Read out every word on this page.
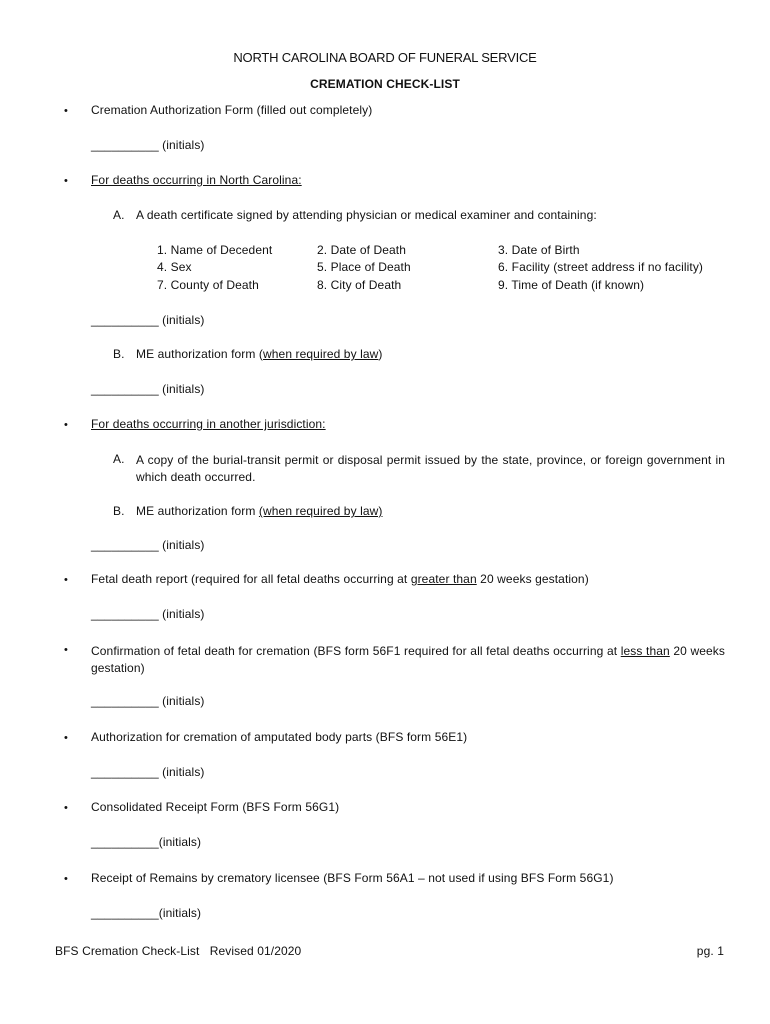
NORTH CAROLINA BOARD OF FUNERAL SERVICE
CREMATION CHECK-LIST
• Cremation Authorization Form (filled out completely)
__________ (initials)
• For deaths occurring in North Carolina:
A. A death certificate signed by attending physician or medical examiner and containing:
1. Name of Decedent	2. Date of Death	3. Date of Birth
4. Sex	5. Place of Death	6. Facility (street address if no facility)
7. County of Death	8. City of Death	9. Time of Death (if known)
__________ (initials)
B. ME authorization form (when required by law)
__________ (initials)
• For deaths occurring in another jurisdiction:
A. A copy of the burial-transit permit or disposal permit issued by the state, province, or foreign government in which death occurred.
B. ME authorization form (when required by law)
__________ (initials)
• Fetal death report (required for all fetal deaths occurring at greater than 20 weeks gestation)
__________ (initials)
• Confirmation of fetal death for cremation (BFS form 56F1 required for all fetal deaths occurring at less than 20 weeks gestation)
__________ (initials)
• Authorization for cremation of amputated body parts (BFS form 56E1)
__________ (initials)
• Consolidated Receipt Form (BFS Form 56G1)
__________(initials)
• Receipt of Remains by crematory licensee (BFS Form 56A1 – not used if using BFS Form 56G1)
__________(initials)
BFS Cremation Check-List   Revised 01/2020	pg. 1
